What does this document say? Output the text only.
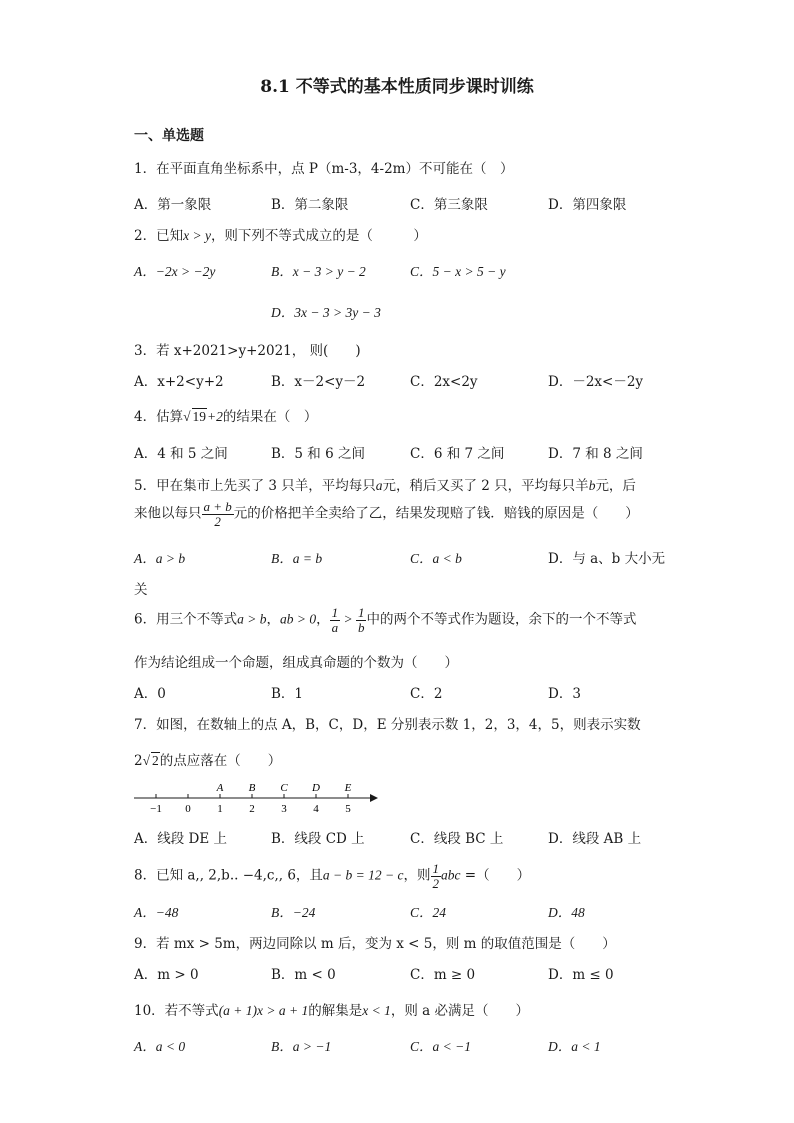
8.1 不等式的基本性质同步课时训练
一、单选题
1．在平面直角坐标系中，点 P（m-3，4-2m）不可能在（　）
A．第一象限	B．第二象限	C．第三象限	D．第四象限
2．已知x > y，则下列不等式成立的是（　　　）
A．−2x > −2y	B．x − 3 > y − 2	C．5 − x > 5 − y
D．3x − 3 > 3y − 3
3．若 x+2021>y+2021， 则(　　)
A．x+2<y+2	B．x－2<y－2	C．2x<2y	D．－2x<－2y
4．估算√ 19+2的结果在（　）
A．4 和 5 之间	B．5 和 6 之间	C．6 和 7 之间	D．7 和 8 之间
5．甲在集市上先买了 3 只羊，平均每只a元，稍后又买了 2 只，平均每只羊b元，后
来他以每只 $\frac{a + b}{2}$ 元的价格把羊全卖给了乙，结果发现赔了钱．赔钱的原因是（　　）
A．a > b	B．a = b	C．a < b	D．与 a、b 大小无
关
6．用三个不等式a > b，ab > 0， $\frac{1}{a} > \frac{1}{b}$ 中的两个不等式作为题设，余下的一个不等式
作为结论组成一个命题，组成真命题的个数为（　　）
A．0	B．1	C．2	D．3
7．如图，在数轴上的点 A，B，C，D，E 分别表示数 1，2，3，4，5，则表示实数
2√ 2的点应落在（　　）
−1 0 1 2 3 4 5
A B C D E
A．线段 DE 上	B．线段 CD 上	C．线段 BC 上	D．线段 AB 上
8．已知 a,, 2,b.. −4,c,, 6，且a − b = 12 − c，则 $\frac{1}{2}$ abc =（　　）
A．−48	B．−24	C．24	D．48
9．若 mx > 5m，两边同除以 m 后，变为 x < 5，则 m 的取值范围是（　　）
A．m > 0	B．m < 0	C．m ≥ 0	D．m ≤ 0
10．若不等式(a + 1)x > a + 1的解集是x < 1，则 a 必满足（　　）
A．a < 0	B．a > −1	C．a < −1	D．a < 1
